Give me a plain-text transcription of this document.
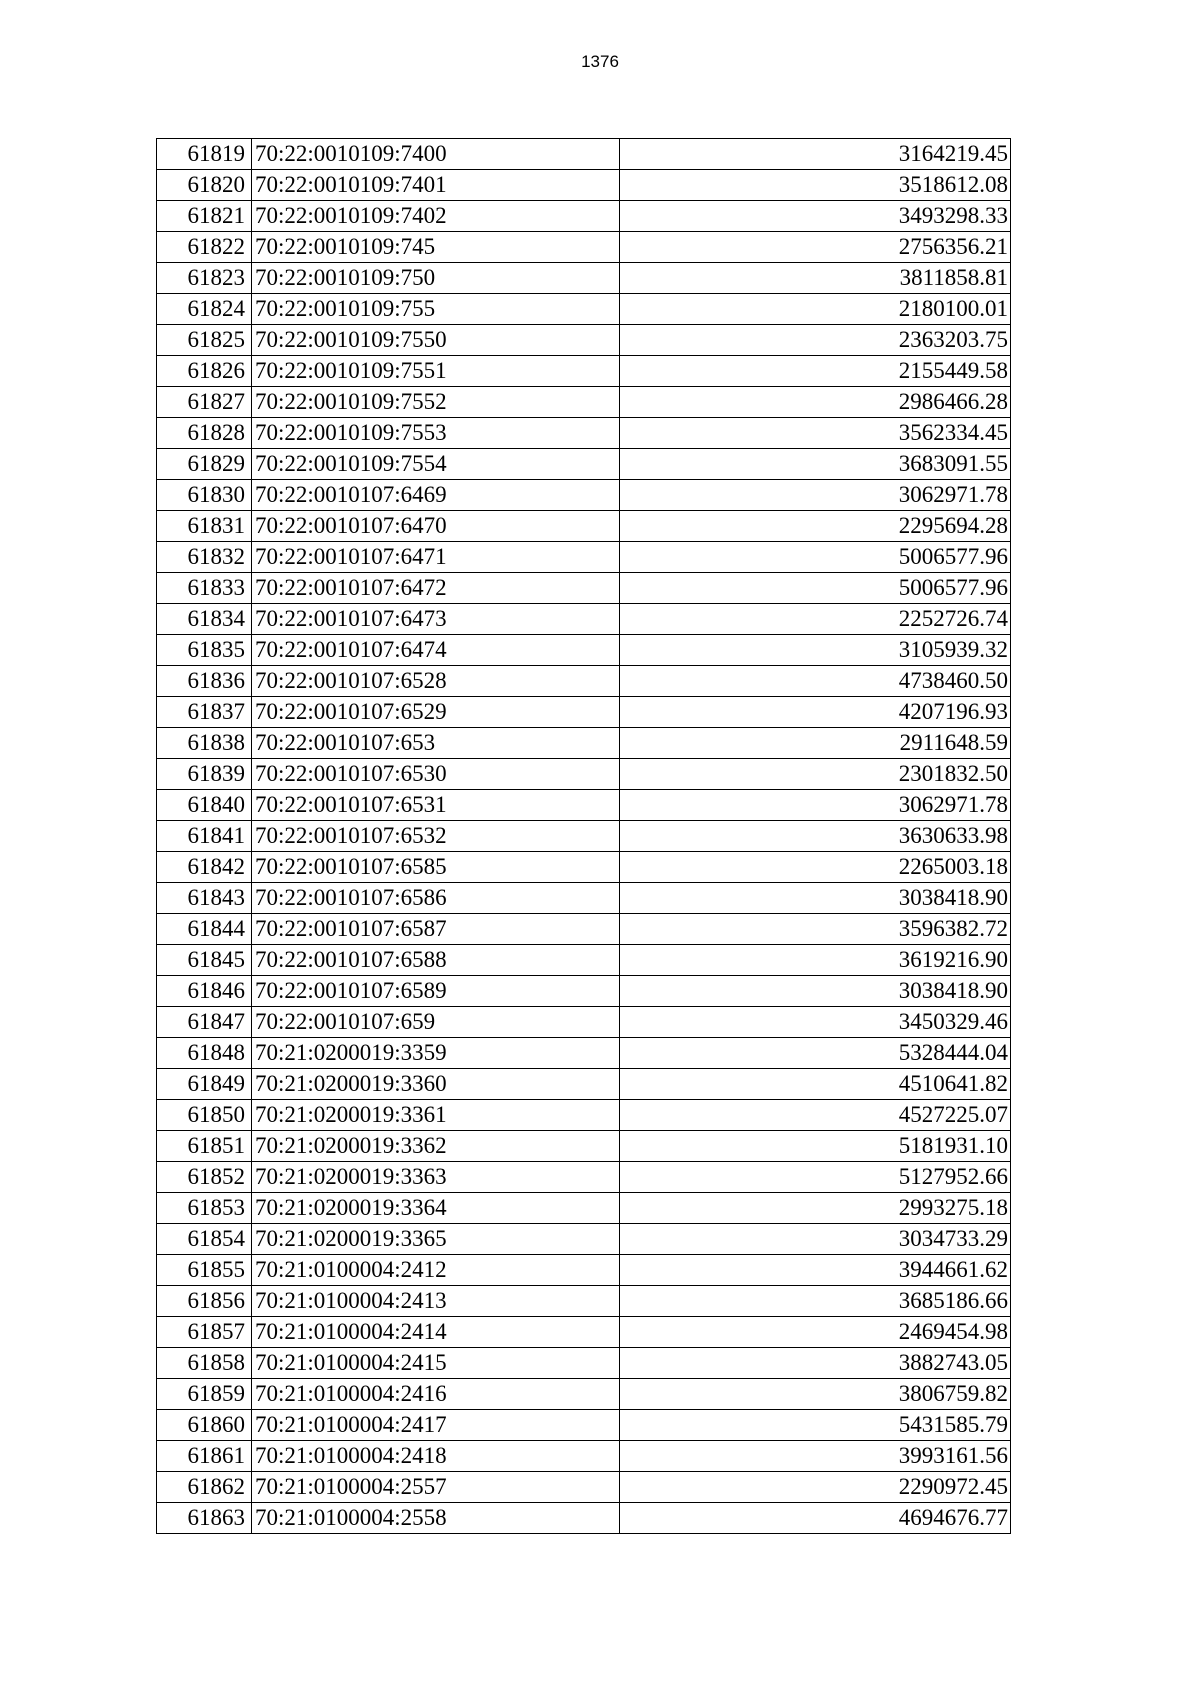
1376
61819	70:22:0010109:7400	3164219.45
61820	70:22:0010109:7401	3518612.08
61821	70:22:0010109:7402	3493298.33
61822	70:22:0010109:745	2756356.21
61823	70:22:0010109:750	3811858.81
61824	70:22:0010109:755	2180100.01
61825	70:22:0010109:7550	2363203.75
61826	70:22:0010109:7551	2155449.58
61827	70:22:0010109:7552	2986466.28
61828	70:22:0010109:7553	3562334.45
61829	70:22:0010109:7554	3683091.55
61830	70:22:0010107:6469	3062971.78
61831	70:22:0010107:6470	2295694.28
61832	70:22:0010107:6471	5006577.96
61833	70:22:0010107:6472	5006577.96
61834	70:22:0010107:6473	2252726.74
61835	70:22:0010107:6474	3105939.32
61836	70:22:0010107:6528	4738460.50
61837	70:22:0010107:6529	4207196.93
61838	70:22:0010107:653	2911648.59
61839	70:22:0010107:6530	2301832.50
61840	70:22:0010107:6531	3062971.78
61841	70:22:0010107:6532	3630633.98
61842	70:22:0010107:6585	2265003.18
61843	70:22:0010107:6586	3038418.90
61844	70:22:0010107:6587	3596382.72
61845	70:22:0010107:6588	3619216.90
61846	70:22:0010107:6589	3038418.90
61847	70:22:0010107:659	3450329.46
61848	70:21:0200019:3359	5328444.04
61849	70:21:0200019:3360	4510641.82
61850	70:21:0200019:3361	4527225.07
61851	70:21:0200019:3362	5181931.10
61852	70:21:0200019:3363	5127952.66
61853	70:21:0200019:3364	2993275.18
61854	70:21:0200019:3365	3034733.29
61855	70:21:0100004:2412	3944661.62
61856	70:21:0100004:2413	3685186.66
61857	70:21:0100004:2414	2469454.98
61858	70:21:0100004:2415	3882743.05
61859	70:21:0100004:2416	3806759.82
61860	70:21:0100004:2417	5431585.79
61861	70:21:0100004:2418	3993161.56
61862	70:21:0100004:2557	2290972.45
61863	70:21:0100004:2558	4694676.77
